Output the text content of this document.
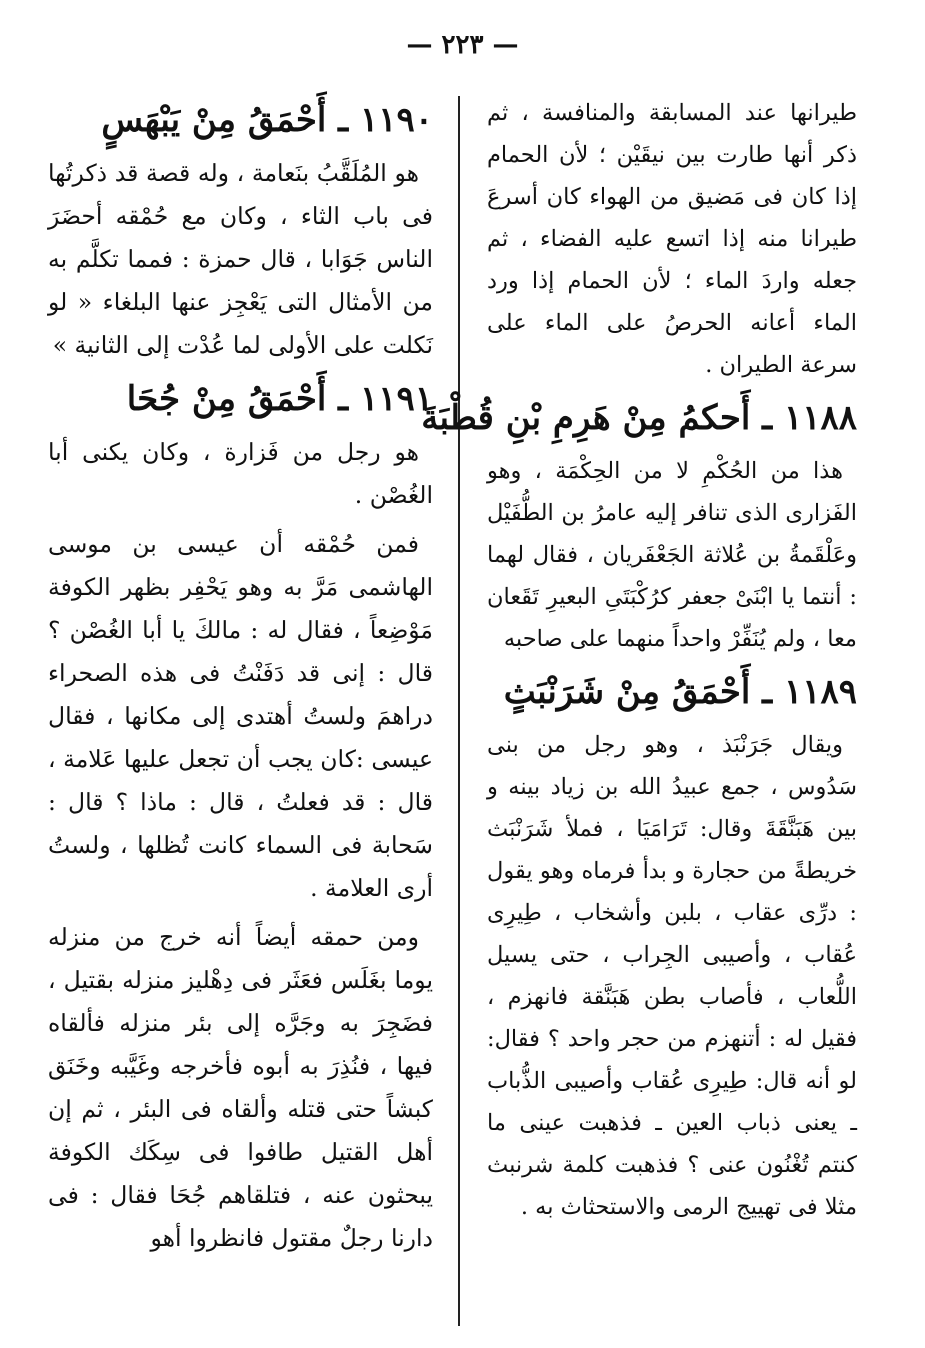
— ٢٢٣ —

طيرانها عند المسابقة والمنافسة ، ثم ذكر أنها طارت بين نيقَيْن ؛ لأن الحمام إذا كان فى مَضيق من الهواء كان أسرعَ طيرانا منه إذا اتسع عليه الفضاء ، ثم جعله واردَ الماء ؛ لأن الحمام إذا ورد الماء أعانه الحرصُ على الماء على سرعة الطيران .

١١٨٨ ـ أَحكمُ مِنْ هَرِمِ بْنِ قُطْبَةَ

هذا من الحُكْمِ لا من الحِكْمَة ، وهو الفَزارى الذى تنافر إليه عامرُ بن الطُّفَيْل وعَلْقَمةُ بن عُلاثة الجَعْفَريان ، فقال لهما : أنتما يا ابْنَىْ جعفر كرُكْبَتَىِ البعيرِ تَقَعان معا ، ولم يُنَفِّرْ واحداً منهما على صاحبه

١١٨٩ ـ أَحْمَقُ مِنْ شَرَنْبَثٍ

ويقال جَرَنْبَذ ، وهو رجل من بنى سَدُوس ، جمع عبيدُ الله بن زياد بينه و بين هَبَنَّقَةَ وقال: تَرَامَيَا ، فملأ شَرَنْبَث خريطةً من حجارة و بدأ فرماه وهو يقول : درِّى عقاب ، بلبن وأشخاب ، طِيرِى عُقاب ، وأصيبى الجِراب ، حتى يسيل اللُّعاب ، فأصاب بطن هَبَنَّقة فانهزم ، فقيل له : أتنهزم من حجر واحد ؟ فقال: لو أنه قال: طِيرِى عُقاب وأصيبى الذُّباب ـ يعنى ذباب العين ـ فذهبت عينى ما كنتم تُغْنُون عنى ؟ فذهبت كلمة شرنبث مثلا فى تهييج الرمى والاستحثاث به .

١١٩٠ ـ أَحْمَقُ مِنْ يَبْهَسٍ

هو المُلَقَّبُ بنَعامة ، وله قصة قد ذكرتُها فى باب الثاء ، وكان مع حُمْقه أحضَرَ الناس جَوَابا ، قال حمزة : فمما تكلَّم به من الأمثال التى يَعْجِز عنها البلغاء « لو نَكلت على الأولى لما عُدْت إلى الثانية »

١١٩١ ـ أَحْمَقُ مِنْ جُحَا

هو رجل من فَزارة ، وكان يكنى أبا الغُصْن .

فمن حُمْقه أن عيسى بن موسى الهاشمى مَرَّ به وهو يَحْفِر بظهر الكوفة مَوْضِعاً ، فقال له : مالكَ يا أبا الغُصْن ؟ قال : إنى قد دَفَنْتُ فى هذه الصحراء دراهمَ ولستُ أهتدى إلى مكانها ، فقال عيسى :كان يجب أن تجعل عليها عَلامة ، قال : قد فعلتُ ، قال : ماذا ؟ قال : سَحابة فى السماء كانت تُظلها ، ولستُ أرى العلامة .

ومن حمقه أيضاً أنه خرج من منزله يوما بغَلَس فعَثَر فى دِهْليز منزله بقتيل ، فضَجِرَ به وجَرَّه إلى بئر منزله فألقاه فيها ، فنُذِرَ به أبوه فأخرجه وغَيَّبه وخَنَق كبشاً حتى قتله وألقاه فى البئر ، ثم إن أهل القتيل طافوا فى سِكَك الكوفة يبحثون عنه ، فتلقاهم جُحَا فقال : فى دارنا رجلٌ مقتول فانظروا أهو
